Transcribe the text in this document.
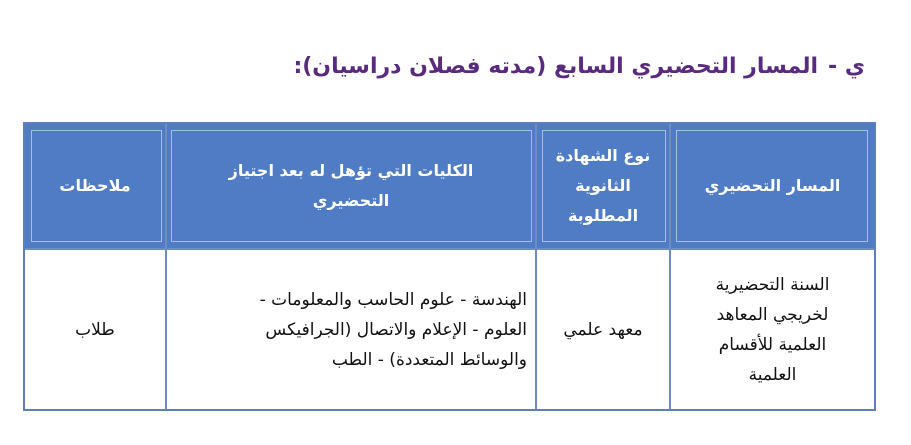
ي -المسار التحضيري السابع (مدته فصلان دراسيان):
المسار التحضيري
نوع الشهادة
الثانوية
المطلوبة
الكليات التي تؤهل له بعد اجتياز
التحضيري
ملاحظات
السنة التحضيرية
لخريجي المعاهد
العلمية للأقسام
العلمية
معهد علمي
الهندسة - علوم الحاسب والمعلومات -
العلوم - الإعلام والاتصال (الجرافيكس
والوسائط المتعددة) - الطب
طلاب
